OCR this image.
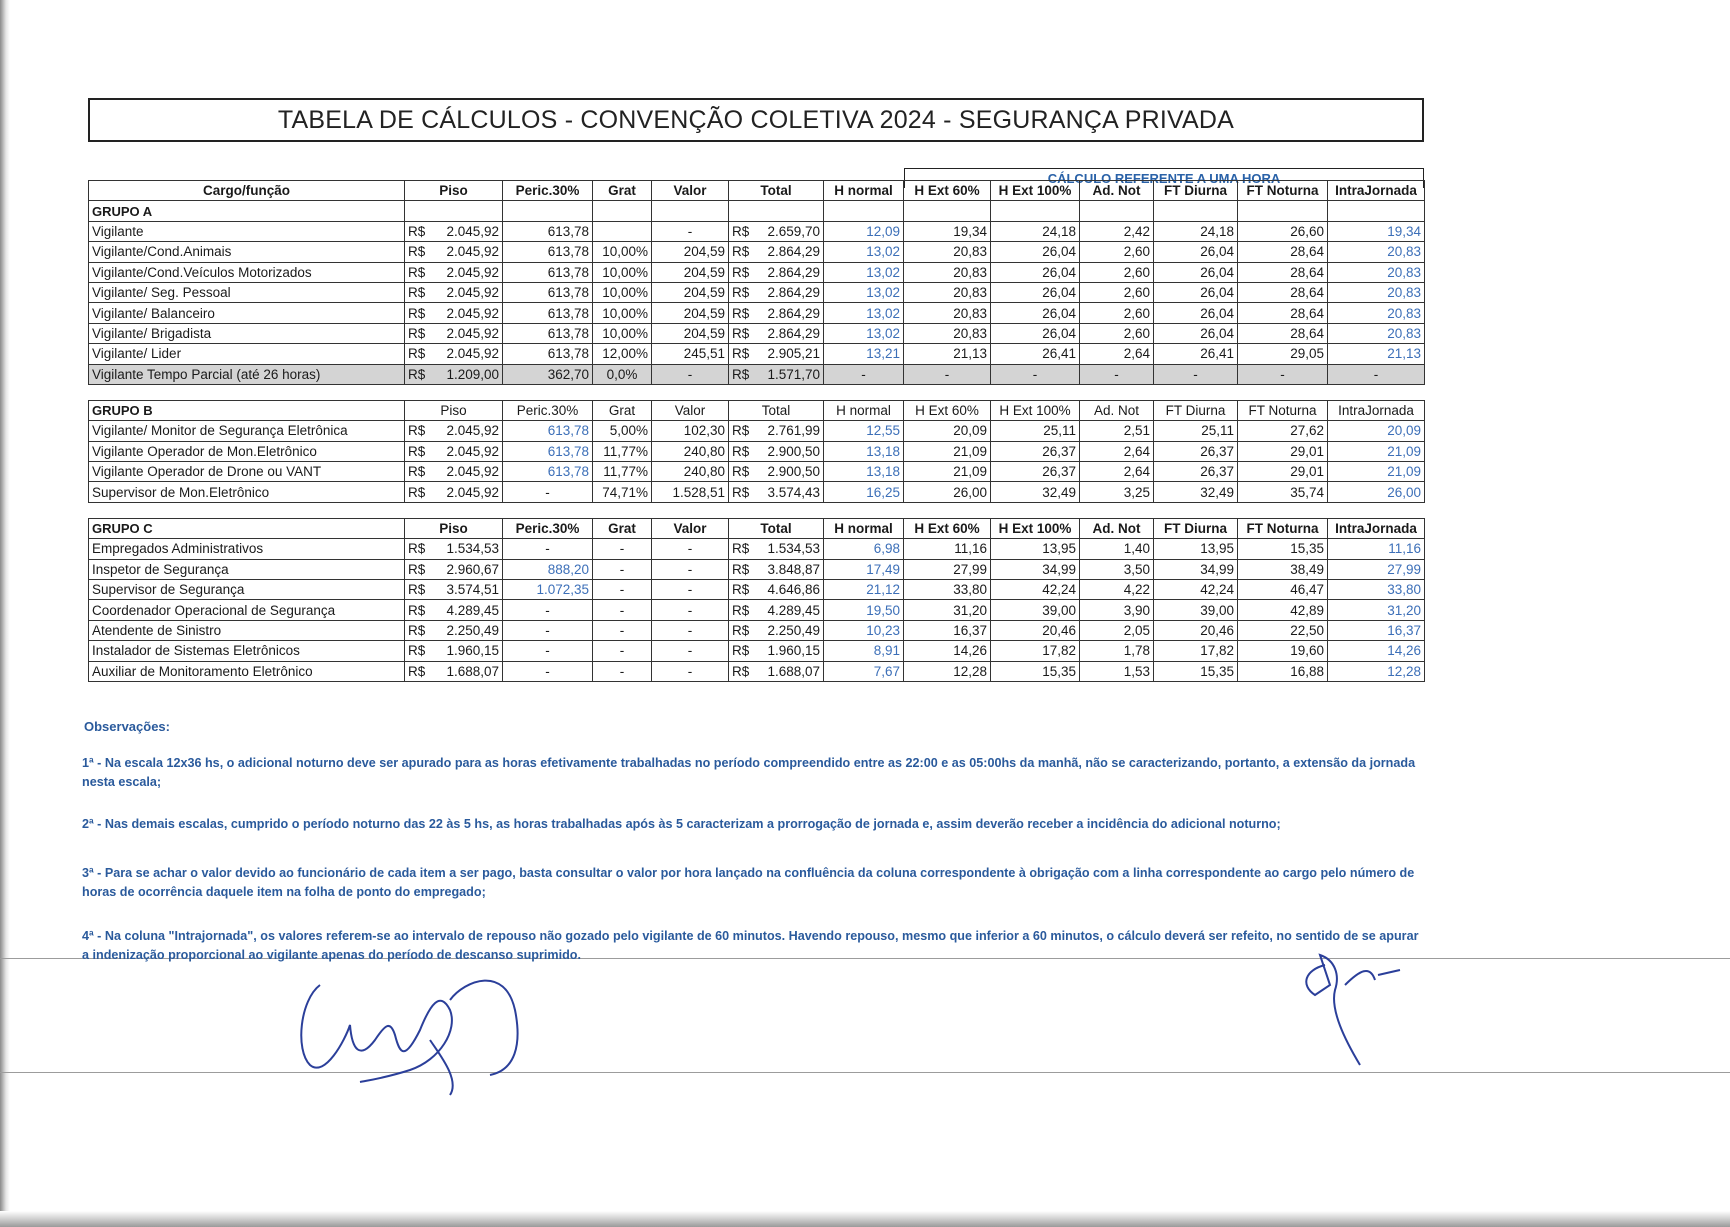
TABELA DE CÁLCULOS - CONVENÇÃO COLETIVA 2024 - SEGURANÇA PRIVADA
CÁLCULO REFERENTE A UMA HORA
Cargo/função	Piso	Peric.30%	Grat	Valor	Total	H normal	H Ext 60%	H Ext 100%	Ad. Not	FT Diurna	FT Noturna	IntraJornada
GRUPO A												
Vigilante	R$ 2.045,92	613,78		-	R$ 2.659,70	12,09	19,34	24,18	2,42	24,18	26,60	19,34
Vigilante/Cond.Animais	R$ 2.045,92	613,78	10,00%	204,59	R$ 2.864,29	13,02	20,83	26,04	2,60	26,04	28,64	20,83
Vigilante/Cond.Veículos Motorizados	R$ 2.045,92	613,78	10,00%	204,59	R$ 2.864,29	13,02	20,83	26,04	2,60	26,04	28,64	20,83
Vigilante/ Seg. Pessoal	R$ 2.045,92	613,78	10,00%	204,59	R$ 2.864,29	13,02	20,83	26,04	2,60	26,04	28,64	20,83
Vigilante/ Balanceiro	R$ 2.045,92	613,78	10,00%	204,59	R$ 2.864,29	13,02	20,83	26,04	2,60	26,04	28,64	20,83
Vigilante/ Brigadista	R$ 2.045,92	613,78	10,00%	204,59	R$ 2.864,29	13,02	20,83	26,04	2,60	26,04	28,64	20,83
Vigilante/ Lider	R$ 2.045,92	613,78	12,00%	245,51	R$ 2.905,21	13,21	21,13	26,41	2,64	26,41	29,05	21,13
Vigilante Tempo Parcial (até 26 horas)	R$ 1.209,00	362,70	0,0%	-	R$ 1.571,70	-	-	-	-	-	-	-

GRUPO B	Piso	Peric.30%	Grat	Valor	Total	H normal	H Ext 60%	H Ext 100%	Ad. Not	FT Diurna	FT Noturna	IntraJornada
Vigilante/ Monitor de Segurança Eletrônica	R$ 2.045,92	613,78	5,00%	102,30	R$ 2.761,99	12,55	20,09	25,11	2,51	25,11	27,62	20,09
Vigilante Operador de Mon.Eletrônico	R$ 2.045,92	613,78	11,77%	240,80	R$ 2.900,50	13,18	21,09	26,37	2,64	26,37	29,01	21,09
Vigilante Operador de Drone ou VANT	R$ 2.045,92	613,78	11,77%	240,80	R$ 2.900,50	13,18	21,09	26,37	2,64	26,37	29,01	21,09
Supervisor de Mon.Eletrônico	R$ 2.045,92	-	74,71%	1.528,51	R$ 3.574,43	16,25	26,00	32,49	3,25	32,49	35,74	26,00

GRUPO C	Piso	Peric.30%	Grat	Valor	Total	H normal	H Ext 60%	H Ext 100%	Ad. Not	FT Diurna	FT Noturna	IntraJornada
Empregados Administrativos	R$ 1.534,53	-	-	-	R$ 1.534,53	6,98	11,16	13,95	1,40	13,95	15,35	11,16
Inspetor de Segurança	R$ 2.960,67	888,20	-	-	R$ 3.848,87	17,49	27,99	34,99	3,50	34,99	38,49	27,99
Supervisor de Segurança	R$ 3.574,51	1.072,35	-	-	R$ 4.646,86	21,12	33,80	42,24	4,22	42,24	46,47	33,80
Coordenador Operacional de Segurança	R$ 4.289,45	-	-	-	R$ 4.289,45	19,50	31,20	39,00	3,90	39,00	42,89	31,20
Atendente de Sinistro	R$ 2.250,49	-	-	-	R$ 2.250,49	10,23	16,37	20,46	2,05	20,46	22,50	16,37
Instalador de Sistemas Eletrônicos	R$ 1.960,15	-	-	-	R$ 1.960,15	8,91	14,26	17,82	1,78	17,82	19,60	14,26
Auxiliar de Monitoramento Eletrônico	R$ 1.688,07	-	-	-	R$ 1.688,07	7,67	12,28	15,35	1,53	15,35	16,88	12,28
Observações:
1ª - Na escala 12x36 hs, o adicional noturno deve ser apurado para as horas efetivamente trabalhadas no período compreendido entre as 22:00 e as 05:00hs da manhã, não se caracterizando, portanto, a extensão da jornada nesta escala;
2ª - Nas demais escalas, cumprido o período noturno das 22 às 5 hs, as horas trabalhadas após às 5 caracterizam a prorrogação de jornada e, assim deverão receber a incidência do adicional noturno;
3ª - Para se achar o valor devido ao funcionário de cada item a ser pago, basta consultar o valor por hora lançado na confluência da coluna correspondente à obrigação com a linha correspondente ao cargo pelo número de horas de ocorrência daquele item na folha de ponto do empregado;
4ª - Na coluna "Intrajornada", os valores referem-se ao intervalo de repouso não gozado pelo vigilante de 60 minutos. Havendo repouso, mesmo que inferior a 60 minutos, o cálculo deverá ser refeito, no sentido de se apurar a indenização proporcional ao vigilante apenas do período de descanso suprimido.
